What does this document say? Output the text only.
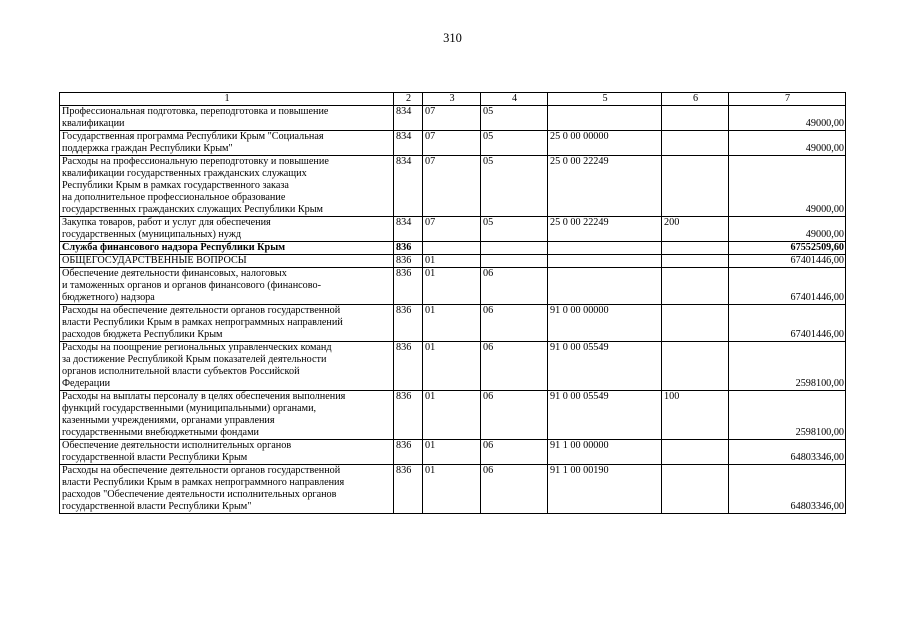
310
1	2	3	4	5	6	7

Профессиональная подготовка, переподготовка и повышение
квалификации	834	07	05			49000,00

Государственная программа Республики Крым "Социальная
поддержка граждан Республики Крым"	834	07	05	25 0 00 00000		49000,00

Расходы на профессиональную переподготовку и повышение
квалификации государственных гражданских служащих
Республики Крым в рамках государственного заказа
на дополнительное профессиональное образование
государственных гражданских служащих Республики Крым	834	07	05	25 0 00 22249		49000,00

Закупка товаров, работ и услуг для обеспечения
государственных (муниципальных) нужд	834	07	05	25 0 00 22249	200	49000,00

Служба финансового надзора Республики Крым	836					67552509,60

ОБЩЕГОСУДАРСТВЕННЫЕ ВОПРОСЫ	836	01				67401446,00

Обеспечение деятельности финансовых, налоговых
и таможенных органов и органов финансового (финансово-
бюджетного) надзора	836	01	06			67401446,00

Расходы на обеспечение деятельности органов государственной
власти Республики Крым в рамках непрограммных направлений
расходов бюджета Республики Крым	836	01	06	91 0 00 00000		67401446,00

Расходы на поощрение региональных управленческих команд
за достижение Республикой Крым показателей деятельности
органов исполнительной власти субъектов Российской
Федерации	836	01	06	91 0 00 05549		2598100,00

Расходы на выплаты персоналу в целях обеспечения выполнения
функций государственными (муниципальными) органами,
казенными учреждениями, органами управления
государственными внебюджетными фондами	836	01	06	91 0 00 05549	100	2598100,00

Обеспечение деятельности исполнительных органов
государственной власти Республики Крым	836	01	06	91 1 00 00000		64803346,00

Расходы на обеспечение деятельности органов государственной
власти Республики Крым в рамках непрограммного направления
расходов "Обеспечение деятельности исполнительных органов
государственной власти Республики Крым"	836	01	06	91 1 00 00190		64803346,00
